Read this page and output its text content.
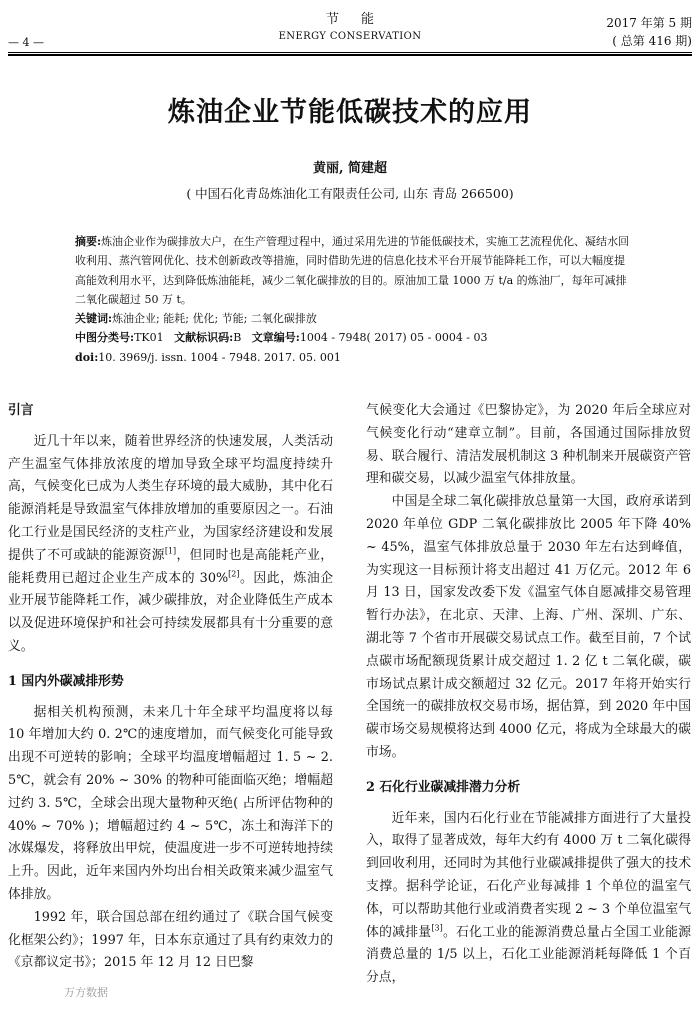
节能
ENERGY CONSERVATION
— 4 —
2017 年第 5 期
( 总第 416 期)
炼油企业节能低碳技术的应用
黄丽, 简建超
( 中国石化青岛炼油化工有限责任公司, 山东 青岛 266500)

摘要:炼油企业作为碳排放大户，在生产管理过程中，通过采用先进的节能低碳技术，实施工艺流程优化、凝结水回收利用、蒸汽管网优化、技术创新政改等措施，同时借助先进的信息化技术平台开展节能降耗工作，可以大幅度提高能效利用水平，达到降低炼油能耗，减少二氧化碳排放的目的。原油加工量 1000 万 t/a 的炼油厂，每年可减排二氧化碳超过 50 万 t。

关键词:炼油企业; 能耗; 优化; 节能; 二氧化碳排放

中图分类号:TK01 文献标识码:B 文章编号:1004 - 7948( 2017) 05 - 0004 - 03

doi:10. 3969/j. issn. 1004 - 7948. 2017. 05. 001

引言

近几十年以来，随着世界经济的快速发展，人类活动产生温室气体排放浓度的增加导致全球平均温度持续升高，气候变化已成为人类生存环境的最大威胁，其中化石能源消耗是导致温室气体排放增加的重要原因之一。石油化工行业是国民经济的支柱产业，为国家经济建设和发展提供了不可或缺的能源资源[1]，但同时也是高能耗产业，能耗费用已超过企业生产成本的 30%[2]。因此，炼油企业开展节能降耗工作，减少碳排放，对企业降低生产成本以及促进环境保护和社会可持续发展都具有十分重要的意义。

1 国内外碳减排形势

据相关机构预测，未来几十年全球平均温度将以每 10 年增加大约 0. 2℃的速度增加，而气候变化可能导致出现不可逆转的影响；全球平均温度增幅超过 1. 5 ~ 2. 5℃，就会有 20% ~ 30% 的物种可能面临灭绝；增幅超过约 3. 5℃，全球会出现大量物种灭绝( 占所评估物种的 40% ~ 70% )；增幅超过约 4 ~ 5℃，冻土和海洋下的冰媒爆发，将释放出甲烷，使温度进一步不可逆转地持续上升。因此，近年来国内外均出台相关政策来减少温室气体排放。

1992 年，联合国总部在纽约通过了《联合国气候变化框架公约》；1997 年，日本东京通过了具有约束效力的《京都议定书》；2015 年 12 月 12 日巴黎

气候变化大会通过《巴黎协定》，为 2020 年后全球应对气候变化行动“建章立制”。目前，各国通过国际排放贸易、联合履行、清洁发展机制这 3 种机制来开展碳资产管理和碳交易，以减少温室气体排放量。

中国是全球二氧化碳排放总量第一大国，政府承诺到 2020 年单位 GDP 二氧化碳排放比 2005 年下降 40% ~ 45%，温室气体排放总量于 2030 年左右达到峰值，为实现这一目标预计将支出超过 41 万亿元。2012 年 6 月 13 日，国家发改委下发《温室气体自愿减排交易管理暂行办法》，在北京、天津、上海、广州、深圳、广东、湖北等 7 个省市开展碳交易试点工作。截至目前，7 个试点碳市场配额现货累计成交超过 1. 2 亿 t 二氧化碳，碳市场试点累计成交额超过 32 亿元。2017 年将开始实行全国统一的碳排放权交易市场，据估算，到 2020 年中国碳市场交易规模将达到 4000 亿元，将成为全球最大的碳市场。

2 石化行业碳减排潜力分析

近年来，国内石化行业在节能减排方面进行了大量投入，取得了显著成效，每年大约有 4000 万 t 二氧化碳得到回收利用，还同时为其他行业碳减排提供了强大的技术支撑。据科学论证，石化产业每减排 1 个单位的温室气体，可以帮助其他行业或消费者实现 2 ~ 3 个单位温室气体的减排量[3]。石化工业的能源消费总量占全国工业能源消费总量的 1/5 以上，石化工业能源消耗每降低 1 个百分点，

万方数据
